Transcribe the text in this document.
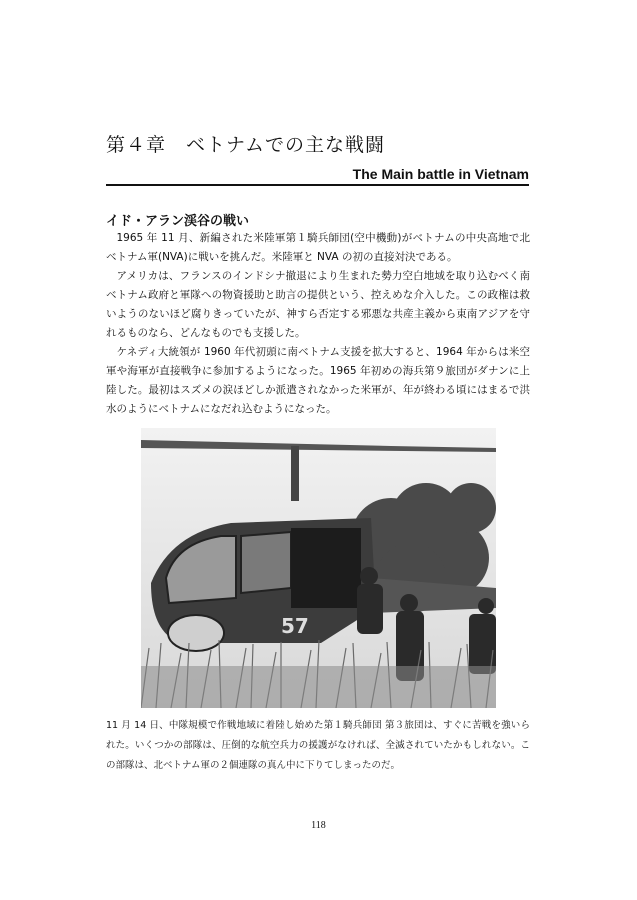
第４章　ベトナムでの主な戦闘
The Main battle in Vietnam
イド・アラン渓谷の戦い

1965 年 11 月、新編された米陸軍第１騎兵師団(空中機動)がベトナムの中央高地で北ベトナム軍(NVA)に戦いを挑んだ。米陸軍と NVA の初の直接対決である。

アメリカは、フランスのインドシナ撤退により生まれた勢力空白地域を取り込むべく南ベトナム政府と軍隊への物資援助と助言の提供という、控えめな介入した。この政権は救いようのないほど腐りきっていたが、神すら否定する邪悪な共産主義から東南アジアを守れるものなら、どんなものでも支援した。

ケネディ大統領が 1960 年代初頭に南ベトナム支援を拡大すると、1964 年からは米空軍や海軍が直接戦争に参加するようになった。1965 年初めの海兵第９旅団がダナンに上陸した。最初はスズメの涙ほどしか派遣されなかった米軍が、年が終わる頃にはまるで洪水のようにベトナムになだれ込むようになった。

57
11 月 14 日、中隊規模で作戦地域に着陸し始めた第１騎兵師団 第３旅団は、すぐに苦戦を強いられた。いくつかの部隊は、圧倒的な航空兵力の援護がなければ、全滅されていたかもしれない。この部隊は、北ベトナム軍の２個連隊の真ん中に下りてしまったのだ。
118
